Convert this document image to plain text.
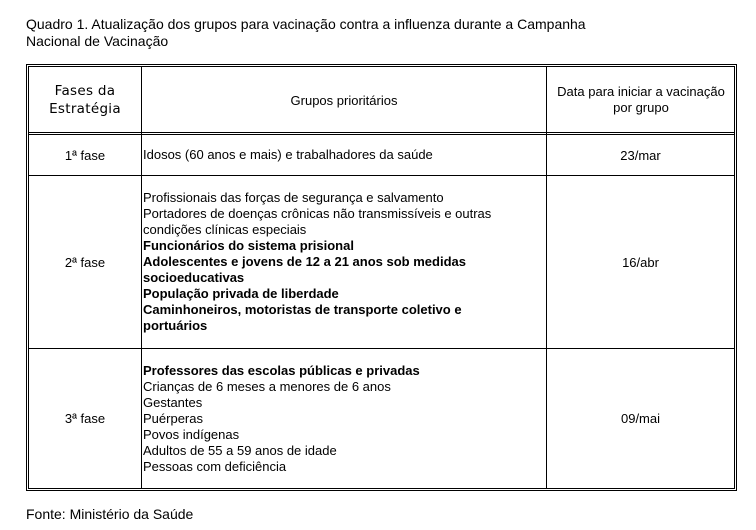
Quadro 1. Atualização dos grupos para vacinação contra a influenza durante a Campanha
Nacional de Vacinação
Fases da
Estratégia
Grupos prioritários
Data para iniciar a vacinação
por grupo
1ª fase	Idosos (60 anos e mais) e trabalhadores da saúde	23/mar
2ª fase
Profissionais das forças de segurança e salvamento
Portadores de doenças crônicas não transmissíveis e outras condições clínicas especiais
Funcionários do sistema prisional
Adolescentes e jovens de 12 a 21 anos sob medidas socioeducativas
População privada de liberdade
Caminhoneiros, motoristas de transporte coletivo e portuários
16/abr
3ª fase
Professores das escolas públicas e privadas
Crianças de 6 meses a menores de 6 anos
Gestantes
Puérperas
Povos indígenas
Adultos de 55 a 59 anos de idade
Pessoas com deficiência
09/mai
Fonte: Ministério da Saúde
